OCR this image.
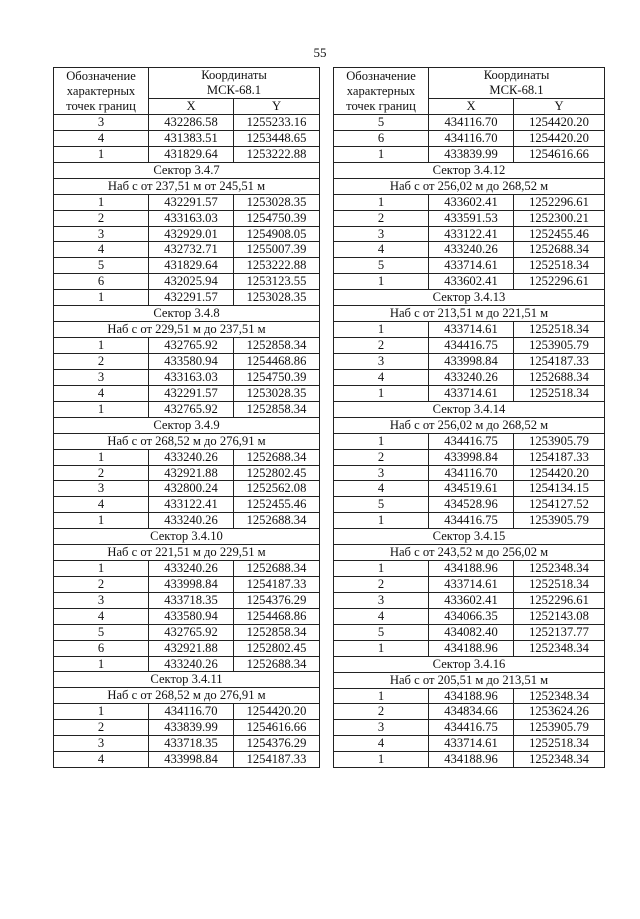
55
Обозначение
характерных
точек границ	Координаты
МСК-68.1	

	X	Y
3	432286.58	1255233.16
4	431383.51	1253448.65
1	431829.64	1253222.88
Сектор 3.4.7		
Наб с от 237,51 м от 245,51 м		
1	432291.57	1253028.35
2	433163.03	1254750.39
3	432929.01	1254908.05
4	432732.71	1255007.39
5	431829.64	1253222.88
6	432025.94	1253123.55
1	432291.57	1253028.35
Сектор 3.4.8		
Наб с от 229,51 м до 237,51 м		
1	432765.92	1252858.34
2	433580.94	1254468.86
3	433163.03	1254750.39
4	432291.57	1253028.35
1	432765.92	1252858.34
Сектор 3.4.9		
Наб с от 268,52 м до 276,91 м		
1	433240.26	1252688.34
2	432921.88	1252802.45
3	432800.24	1252562.08
4	433122.41	1252455.46
1	433240.26	1252688.34
Сектор 3.4.10		
Наб с от 221,51 м до 229,51 м		
1	433240.26	1252688.34
2	433998.84	1254187.33
3	433718.35	1254376.29
4	433580.94	1254468.86
5	432765.92	1252858.34
6	432921.88	1252802.45
1	433240.26	1252688.34
Сектор 3.4.11		
Наб с от 268,52 м до 276,91 м		
1	434116.70	1254420.20
2	433839.99	1254616.66
3	433718.35	1254376.29
4	433998.84	1254187.33
Обозначение
характерных
точек границ	Координаты
МСК-68.1	

	X	Y
5	434116.70	1254420.20
6	434116.70	1254420.20
1	433839.99	1254616.66
Сектор 3.4.12		
Наб с от 256,02 м до 268,52 м		
1	433602.41	1252296.61
2	433591.53	1252300.21
3	433122.41	1252455.46
4	433240.26	1252688.34
5	433714.61	1252518.34
1	433602.41	1252296.61
Сектор 3.4.13		
Наб с от 213,51 м до 221,51 м		
1	433714.61	1252518.34
2	434416.75	1253905.79
3	433998.84	1254187.33
4	433240.26	1252688.34
1	433714.61	1252518.34
Сектор 3.4.14		
Наб с от 256,02 м до 268,52 м		
1	434416.75	1253905.79
2	433998.84	1254187.33
3	434116.70	1254420.20
4	434519.61	1254134.15
5	434528.96	1254127.52
1	434416.75	1253905.79
Сектор 3.4.15		
Наб с от 243,52 м до 256,02 м		
1	434188.96	1252348.34
2	433714.61	1252518.34
3	433602.41	1252296.61
4	434066.35	1252143.08
5	434082.40	1252137.77
1	434188.96	1252348.34
Сектор 3.4.16		
Наб с от 205,51 м до 213,51 м		
1	434188.96	1252348.34
2	434834.66	1253624.26
3	434416.75	1253905.79
4	433714.61	1252518.34
1	434188.96	1252348.34
